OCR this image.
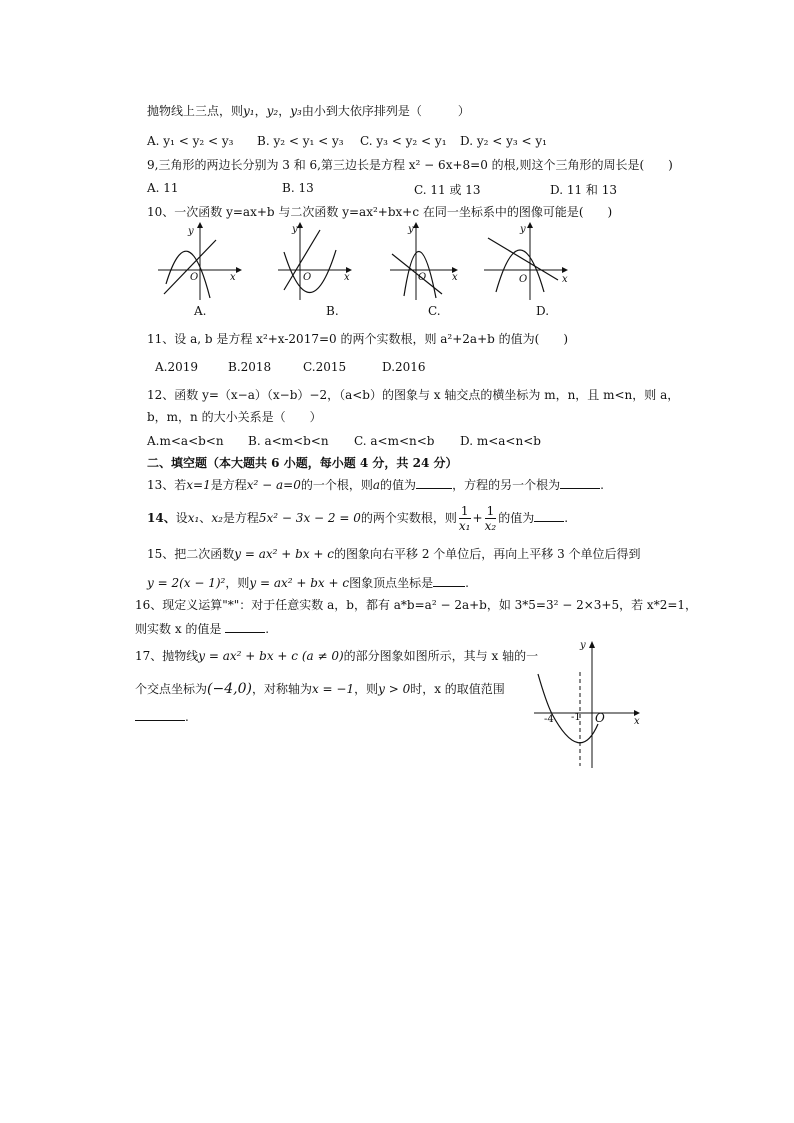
抛物线上三点，则y₁，y₂，y₃由小到大依序排列是（　　　）
A. y₁ < y₂ < y₃ B. y₂ < y₁ < y₃ C. y₃ < y₂ < y₁ D. y₂ < y₃ < y₁
9,三角形的两边长分别为 3 和 6,第三边长是方程 x² − 6x+8=0 的根,则这个三角形的周长是(　　)
A. 11	B. 13	C. 11 或 13	D. 11 和 13
10、一次函数 y=ax+b 与二次函数 y=ax²+bx+c 在同一坐标系中的图像可能是(　　)
y
x
O
A.
y
x
O
B.
y
x
O
C.
y
x
O
D.
11、设 a, b 是方程 x²+x-2017=0 的两个实数根，则 a²+2a+b 的值为(　　)
A.2019 B.2018	C.2015	D.2016
12、函数 y=（x−a）（x−b）−2，（a<b）的图象与 x 轴交点的横坐标为 m，n，且 m<n，则 a，
b，m，n 的大小关系是（　　）
A.m<a<b<n B. a<m<b<n C. a<m<n<b D. m<a<n<b
二、填空题（本大题共 6 小题，每小题 4 分，共 24 分）
13、若x=1是方程x² − a=0的一个根，则a的值为	，方程的另一个根为	.
14、设x₁、x₂是方程5x² − 3x − 2 = 0的两个实数根，则 $\frac{1}{\text{x₁}} + \frac{1}{\text{x₂}}$ 的值为	.
15、把二次函数y = ax² + bx + c的图象向右平移 2 个单位后，再向上平移 3 个单位后得到
y = 2(x − 1)²，则y = ax² + bx + c图象顶点坐标是	.
16、现定义运算"*"：对于任意实数 a，b，都有 a*b=a² − 2a+b，如 3*5=3² − 2×3+5，若 x*2=1，
则实数 x 的值是	.
17、抛物线y = ax² + bx + c (a ≠ 0)的部分图象如图所示，其与 x 轴的一
个交点坐标为(−4,0)，对称轴为x = −1，则y > 0时，x 的取值范围
.
y
x
O
-4 -1
